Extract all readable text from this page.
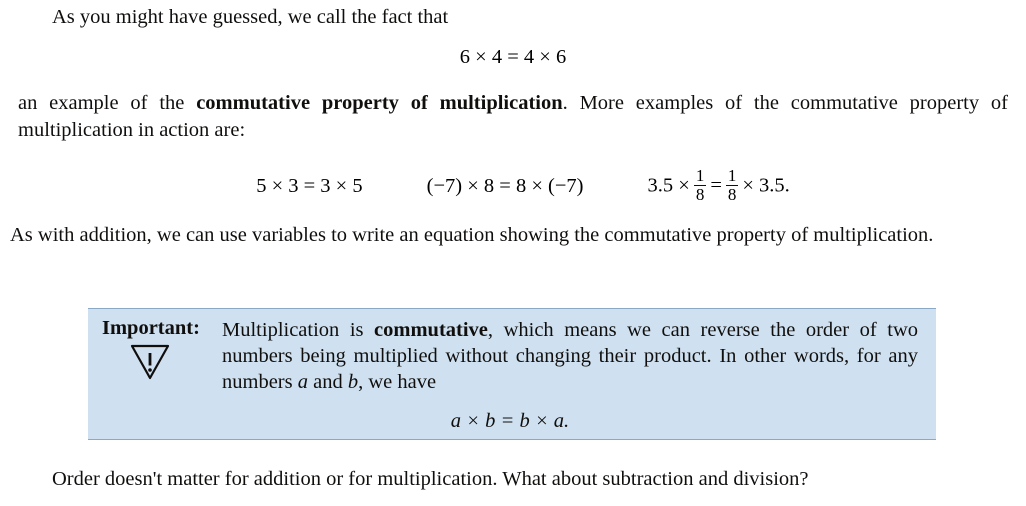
As you might have guessed, we call the fact that
6 × 4 = 4 × 6
an example of the commutative property of multiplication. More examples of the commutative property of multiplication in action are:
5 × 3 = 3 × 5	(−7) × 8 = 8 × (−7)	$3.5 \times \frac{1}{8} = \frac{1}{8} \times 3.5$.
As with addition, we can use variables to write an equation showing the commutative property of multiplication.
Important:	Multiplication is commutative, which means we can reverse the order of two numbers being multiplied without changing their product. In other words, for any numbers a and b, we have
a × b = b × a.
Order doesn't matter for addition or for multiplication. What about subtraction and division?
